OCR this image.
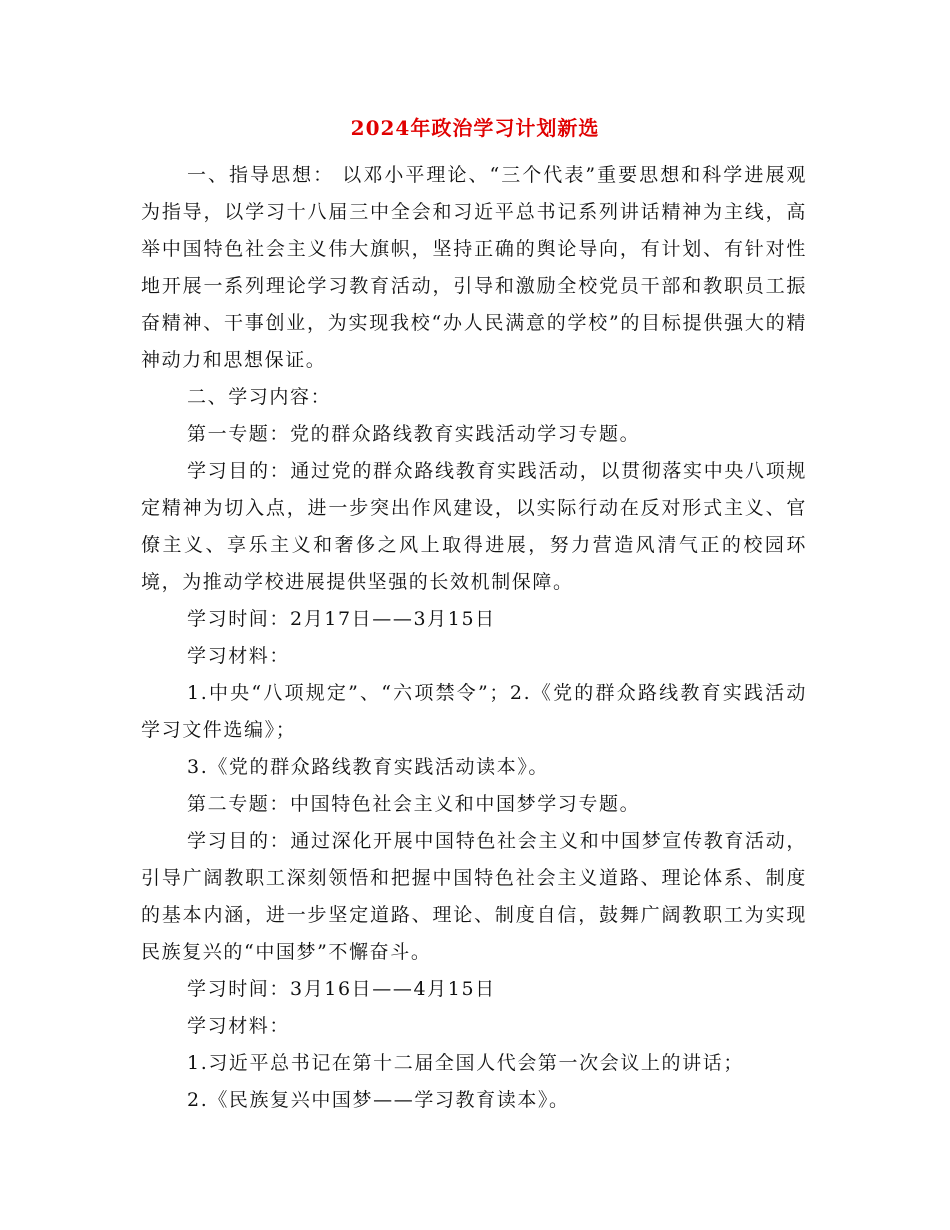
2024年政治学习计划新选

一、指导思想： 以邓小平理论、“三个代表”重要思想和科学进展观为指导，以学习十八届三中全会和习近平总书记系列讲话精神为主线，高举中国特色社会主义伟大旗帜，坚持正确的舆论导向，有计划、有针对性地开展一系列理论学习教育活动，引导和激励全校党员干部和教职员工振奋精神、干事创业，为实现我校“办人民满意的学校”的目标提供强大的精神动力和思想保证。

二、学习内容：

第一专题：党的群众路线教育实践活动学习专题。

学习目的：通过党的群众路线教育实践活动，以贯彻落实中央八项规定精神为切入点，进一步突出作风建设，以实际行动在反对形式主义、官僚主义、享乐主义和奢侈之风上取得进展，努力营造风清气正的校园环境，为推动学校进展提供坚强的长效机制保障。

学习时间：2月17日——3月15日

学习材料：

1.中央“八项规定”、“六项禁令”；2.《党的群众路线教育实践活动学习文件选编》；

3.《党的群众路线教育实践活动读本》。

第二专题：中国特色社会主义和中国梦学习专题。

学习目的：通过深化开展中国特色社会主义和中国梦宣传教育活动，引导广阔教职工深刻领悟和把握中国特色社会主义道路、理论体系、制度的基本内涵，进一步坚定道路、理论、制度自信，鼓舞广阔教职工为实现民族复兴的“中国梦”不懈奋斗。

学习时间：3月16日——4月15日

学习材料：

1.习近平总书记在第十二届全国人代会第一次会议上的讲话；

2.《民族复兴中国梦——学习教育读本》。
